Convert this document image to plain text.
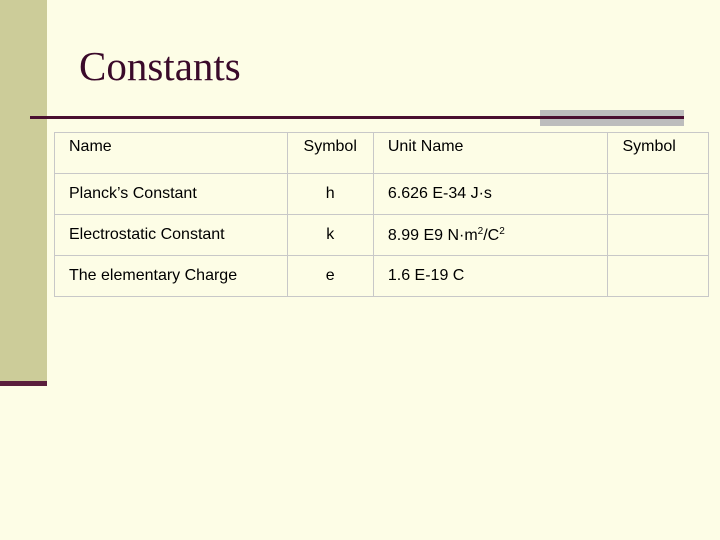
Constants
Name	Symbol	Unit Name	Symbol
Planck’s Constant	h	6.626 E-34 J·s	
Electrostatic Constant	k	8.99 E9 $N\cdot m^2/C^2$	
The elementary Charge	e	1.6 E-19 C	
